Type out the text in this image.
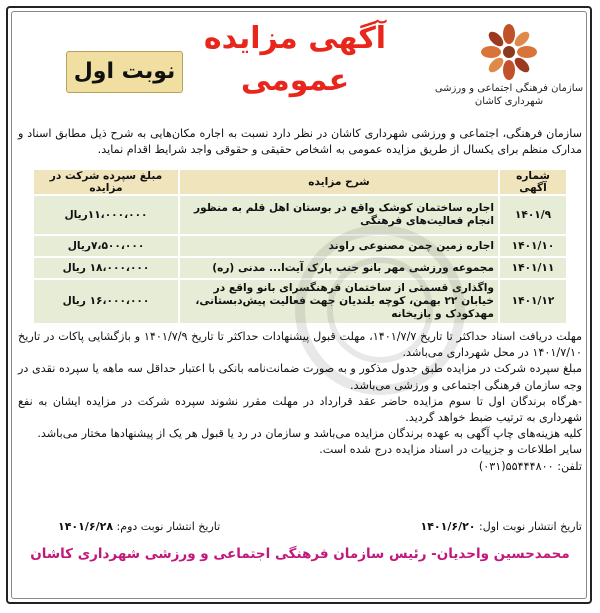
سازمان فرهنگی اجتماعی و ورزشی
شهرداری کاشان
آگهی مزایده
عمومی
نوبت اول
سازمان فرهنگی، اجتماعی و ورزشی شهرداری کاشان در نظر دارد نسبت به اجاره مکان‌هایی به شرح ذیل مطابق اسناد و مدارک منظم برای یکسال از طریق مزایده عمومی به اشخاص حقیقی و حقوقی واجد شرایط اقدام نماید.
شماره آگهی	شرح مزایده	مبلغ سپرده شرکت در مزایده
۱۴۰۱/۹	اجاره ساختمان کوشک واقع در بوستان اهل قلم به منظور انجام فعالیت‌های فرهنگی	۱۱،۰۰۰،۰۰۰ریال
۱۴۰۱/۱۰	اجاره زمین چمن مصنوعی راوند	۷،۵۰۰،۰۰۰ریال
۱۴۰۱/۱۱	مجموعه ورزشی مهر بانو جنب پارک آیت‌ا... مدنی (ره)	۱۸،۰۰۰،۰۰۰ ریال
۱۴۰۱/۱۲	واگذاری قسمتی از ساختمان فرهنگسرای بانو واقع در خیابان ۲۲ بهمن، کوچه بلندیان جهت فعالیت پیش‌دبستانی، مهدکودک و بازیخانه	۱۶،۰۰۰،۰۰۰ ریال

مهلت دریافت اسناد حداکثر تا تاریخ ۱۴۰۱/۷/۷، مهلت قبول پیشنهادات حداکثر تا تاریخ ۱۴۰۱/۷/۹ و بازگشایی پاکات در تاریخ ۱۴۰۱/۷/۱۰ در محل شهرداری می‌باشد.

مبلغ سپرده شرکت در مزایده طبق جدول مذکور و به صورت ضمانت‌نامه بانکی با اعتبار حداقل سه ماهه یا سپرده نقدی در وجه سازمان فرهنگی اجتماعی و ورزشی می‌باشد.

-هرگاه برندگان اول تا سوم مزایده حاضر عقد قرارداد در مهلت مقرر نشوند سپرده شرکت در مزایده ایشان به نفع شهرداری به ترتیب ضبط خواهد گردید.

کلیه هزینه‌های چاپ آگهی به عهده برندگان مزایده می‌باشد و سازمان در رد یا قبول هر یک از پیشنهادها مختار می‌باشد.

سایر اطلاعات و جزییات در اسناد مزایده درج شده است.

تلفن: ۵۵۴۴۴۸۰۰(۰۳۱)

تاریخ انتشار نوبت اول: ۱۴۰۱/۶/۲۰
تاریخ انتشار نوبت دوم: ۱۴۰۱/۶/۲۸
محمدحسین واحدیان- رئیس سازمان فرهنگی اجتماعی و ورزشی شهرداری کاشان
